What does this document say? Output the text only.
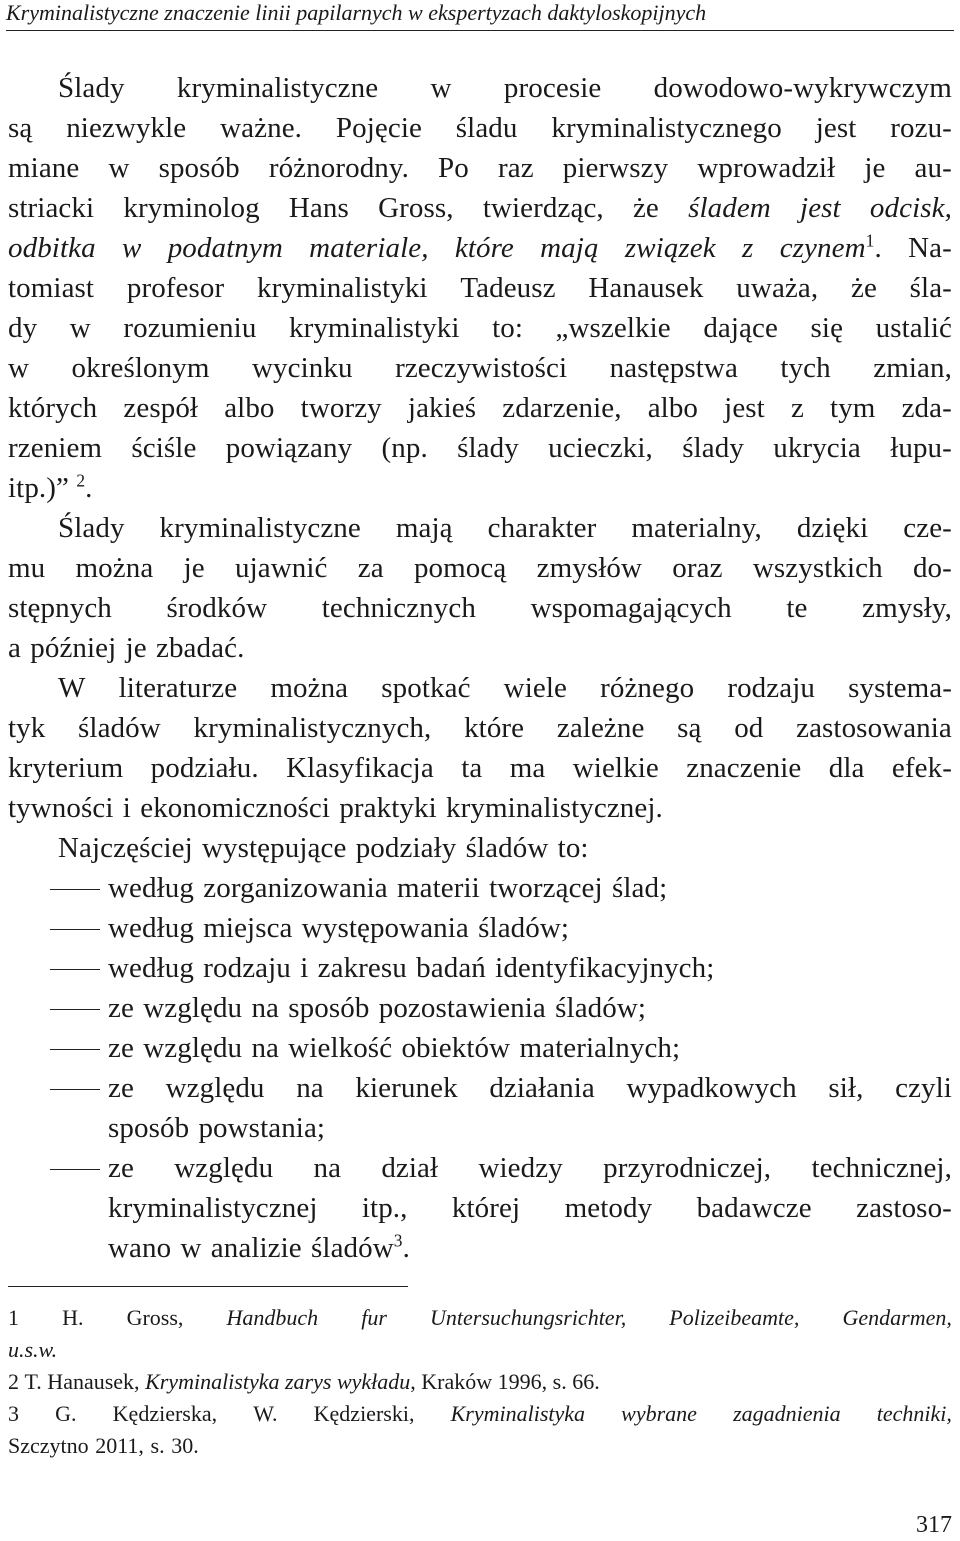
Kryminalistyczne znaczenie linii papilarnych w ekspertyzach daktyloskopijnych
Ślady kryminalistyczne w procesie dowodowo-wykrywczym
są niezwykle ważne. Pojęcie śladu kryminalistycznego jest rozu-
miane w sposób różnorodny. Po raz pierwszy wprowadził je au-
striacki kryminolog Hans Gross, twierdząc, że śladem jest odcisk,
odbitka w podatnym materiale, które mają związek z czynem$^1$. Na-
tomiast profesor kryminalistyki Tadeusz Hanausek uważa, że śla-
dy w rozumieniu kryminalistyki to: „wszelkie dające się ustalić
w określonym wycinku rzeczywistości następstwa tych zmian,
których zespół albo tworzy jakieś zdarzenie, albo jest z tym zda-
rzeniem ściśle powiązany (np. ślady ucieczki, ślady ukrycia łupu-
itp.)” $^2$.
Ślady kryminalistyczne mają charakter materialny, dzięki cze-
mu można je ujawnić za pomocą zmysłów oraz wszystkich do-
stępnych środków technicznych wspomagających te zmysły,
a później je zbadać.
W literaturze można spotkać wiele różnego rodzaju systema-
tyk śladów kryminalistycznych, które zależne są od zastosowania
kryterium podziału. Klasyfikacja ta ma wielkie znaczenie dla efek-
tywności i ekonomiczności praktyki kryminalistycznej.
Najczęściej występujące podziały śladów to:
według zorganizowania materii tworzącej ślad;
według miejsca występowania śladów;
według rodzaju i zakresu badań identyfikacyjnych;
ze względu na sposób pozostawienia śladów;
ze względu na wielkość obiektów materialnych;
ze względu na kierunek działania wypadkowych sił, czyli
sposób powstania;
ze względu na dział wiedzy przyrodniczej, technicznej,
kryminalistycznej itp., której metody badawcze zastoso-
wano w analizie śladów$^3$.
1 H. Gross, Handbuch fur Untersuchungsrichter, Polizeibeamte, Gendarmen,
u.s.w.
2 T. Hanausek, Kryminalistyka zarys wykładu, Kraków 1996, s. 66.
3 G. Kędzierska, W. Kędzierski, Kryminalistyka wybrane zagadnienia techniki,
Szczytno 2011, s. 30.
317
